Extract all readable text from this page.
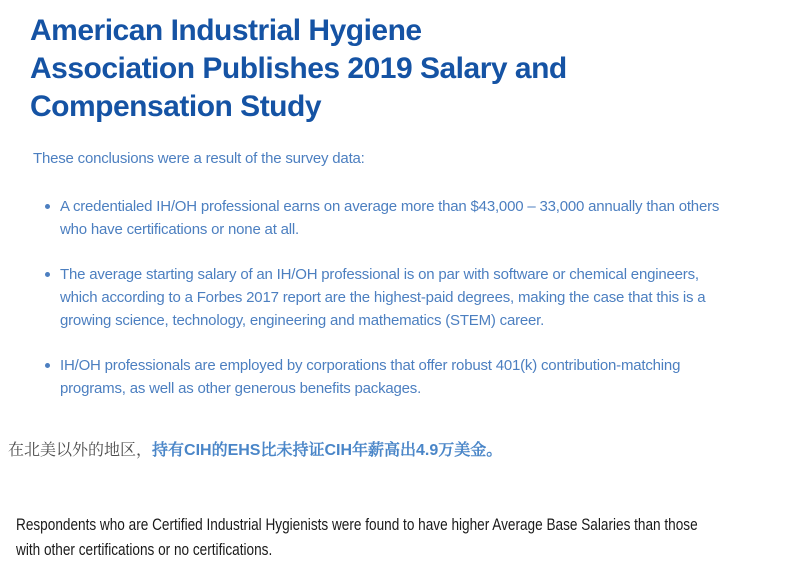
American Industrial Hygiene
Association Publishes 2019 Salary and
Compensation Study

These conclusions were a result of the survey data:

A credentialed IH/OH professional earns on average more than $43,000 – 33,000 annually than others who have certifications or none at all.
The average starting salary of an IH/OH professional is on par with software or chemical engineers, which according to a Forbes 2017 report are the highest-paid degrees, making the case that this is a growing science, technology, engineering and mathematics (STEM) career.
IH/OH professionals are employed by corporations that offer robust 401(k) contribution-matching programs, as well as other generous benefits packages.

在北美以外的地区，持有CIH的EHS比未持证CIH年薪高出4.9万美金。

Respondents who are Certified Industrial Hygienists were found to have higher Average Base Salaries than those with other certifications or no certifications.
